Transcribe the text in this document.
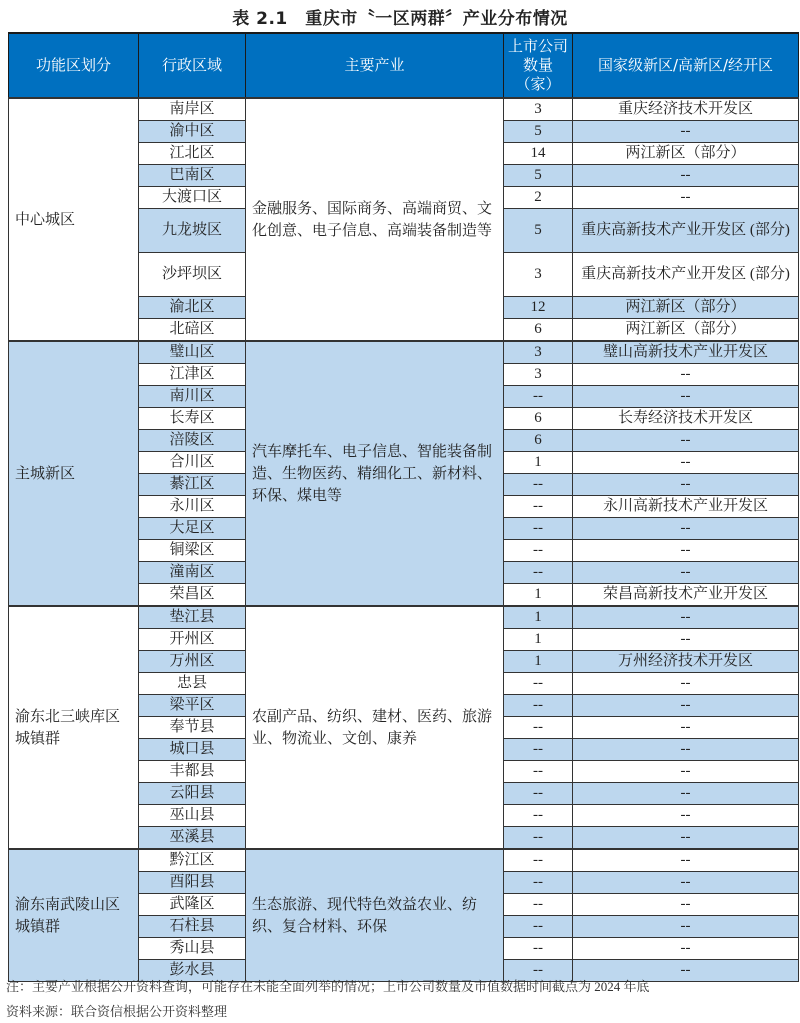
表 2.1　重庆市〝一区两群〞产业分布情况
功能区划分	行政区域	主要产业	上市公司数量（家）	国家级新区/高新区/经开区
中心城区	南岸区	金融服务、国际商务、高端商贸、文化创意、电子信息、高端装备制造等	3	重庆经济技术开发区
	渝中区		5	--
	江北区		14	两江新区（部分）
	巴南区		5	--
	大渡口区		2	--
	九龙坡区		5	重庆高新技术产业开发区 (部分)
	沙坪坝区		3	重庆高新技术产业开发区 (部分)
	渝北区		12	两江新区（部分）
	北碚区		6	两江新区（部分）
主城新区	璧山区	汽车摩托车、电子信息、智能装备制造、生物医药、精细化工、新材料、环保、煤电等	3	璧山高新技术产业开发区
	江津区		3	--
	南川区		--	--
	长寿区		6	长寿经济技术开发区
	涪陵区		6	--
	合川区		1	--
	綦江区		--	--
	永川区		--	永川高新技术产业开发区
	大足区		--	--
	铜梁区		--	--
	潼南区		--	--
	荣昌区		1	荣昌高新技术产业开发区
渝东北三峡库区城镇群	垫江县	农副产品、纺织、建材、医药、旅游业、物流业、文创、康养	1	--
	开州区		1	--
	万州区		1	万州经济技术开发区
	忠县		--	--
	梁平区		--	--
	奉节县		--	--
	城口县		--	--
	丰都县		--	--
	云阳县		--	--
	巫山县		--	--
	巫溪县		--	--
渝东南武陵山区城镇群	黔江区	生态旅游、现代特色效益农业、纺织、复合材料、环保	--	--
	酉阳县		--	--
	武隆区		--	--
	石柱县		--	--
	秀山县		--	--
	彭水县		--	--
注：主要产业根据公开资料查询，可能存在未能全面列举的情况；上市公司数量及市值数据时间截点为 2024 年底
资料来源：联合资信根据公开资料整理
